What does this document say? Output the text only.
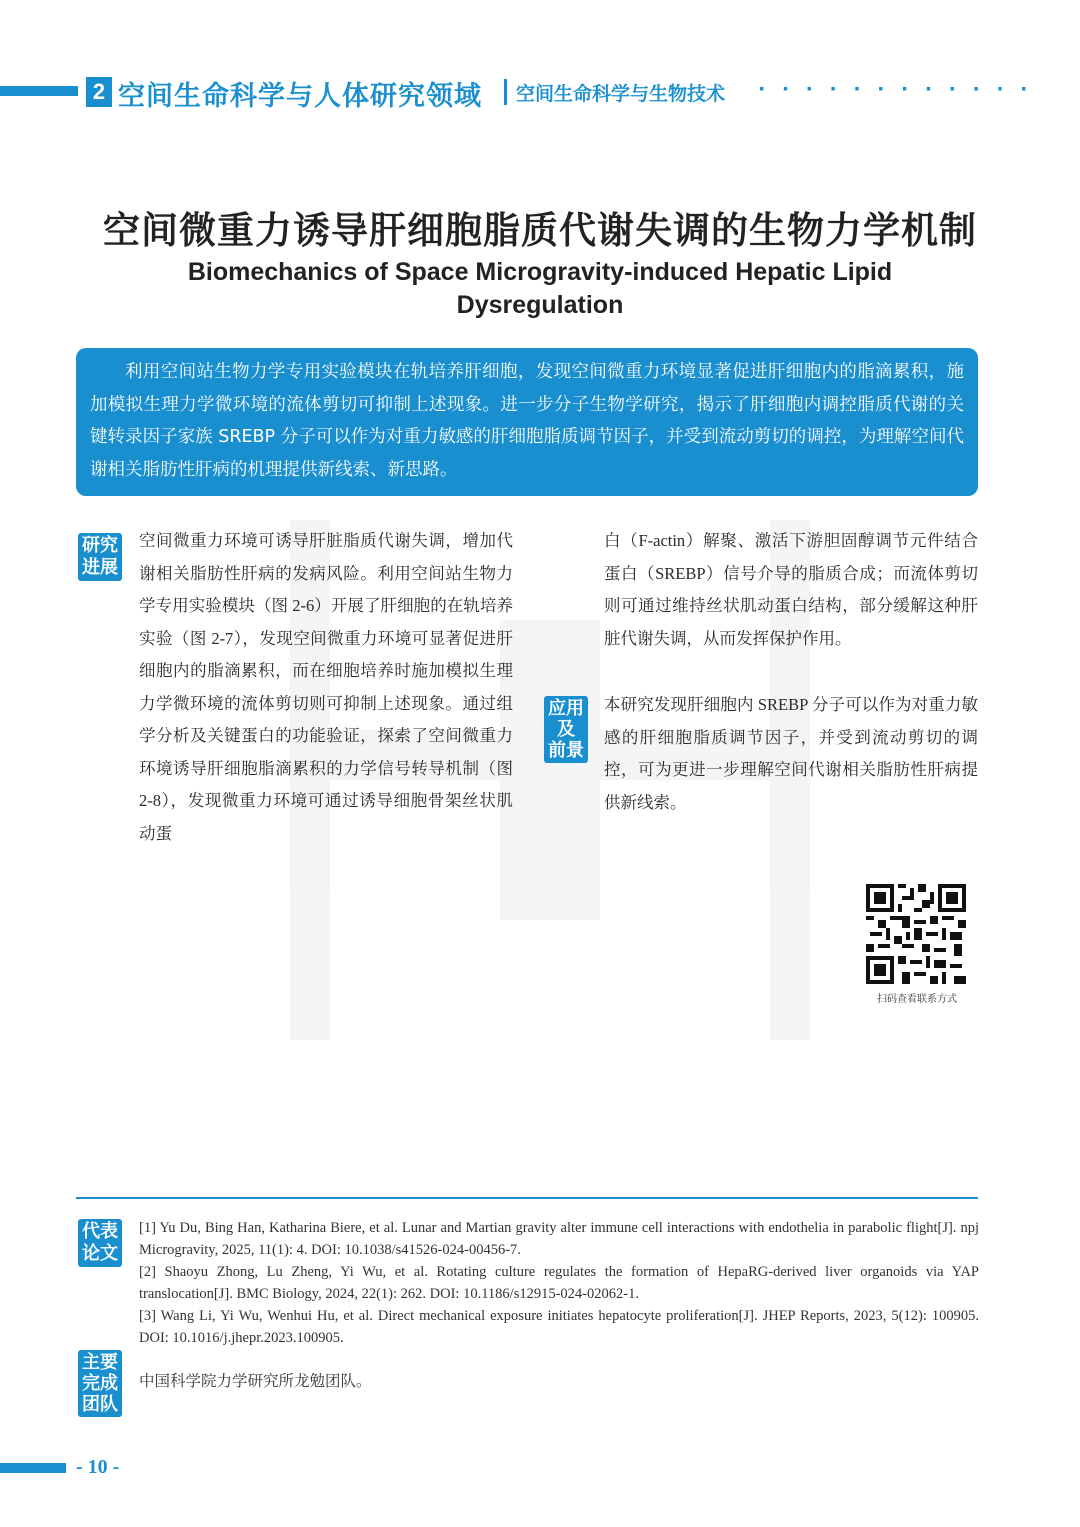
2 空间生命科学与人体研究领域 空间生命科学与生物技术 · · · · · · · · · · · ·
空间微重力诱导肝细胞脂质代谢失调的生物力学机制
Biomechanics of Space Microgravity-induced Hepatic Lipid Dysregulation

利用空间站生物力学专用实验模块在轨培养肝细胞，发现空间微重力环境显著促进肝细胞内的脂滴累积，施加模拟生理力学微环境的流体剪切可抑制上述现象。进一步分子生物学研究，揭示了肝细胞内调控脂质代谢的关键转录因子家族 SREBP 分子可以作为对重力敏感的肝细胞脂质调节因子，并受到流动剪切的调控，为理解空间代谢相关脂肪性肝病的机理提供新线索、新思路。

研究
进展

空间微重力环境可诱导肝脏脂质代谢失调，增加代谢相关脂肪性肝病的发病风险。利用空间站生物力学专用实验模块（图 2-6）开展了肝细胞的在轨培养实验（图 2-7），发现空间微重力环境可显著促进肝细胞内的脂滴累积，而在细胞培养时施加模拟生理力学微环境的流体剪切则可抑制上述现象。通过组学分析及关键蛋白的功能验证，探索了空间微重力环境诱导肝细胞脂滴累积的力学信号转导机制（图 2-8），发现微重力环境可通过诱导细胞骨架丝状肌动蛋

白（F-actin）解聚、激活下游胆固醇调节元件结合蛋白（SREBP）信号介导的脂质合成；而流体剪切则可通过维持丝状肌动蛋白结构，部分缓解这种肝脏代谢失调，从而发挥保护作用。

应用
及
前景

本研究发现肝细胞内 SREBP 分子可以作为对重力敏感的肝细胞脂质调节因子，并受到流动剪切的调控，可为更进一步理解空间代谢相关脂肪性肝病提供新线索。

扫码查看联系方式
代表
论文

[1] Yu Du, Bing Han, Katharina Biere, et al. Lunar and Martian gravity alter immune cell interactions with endothelia in parabolic flight[J]. npj Microgravity, 2025, 11(1): 4. DOI: 10.1038/s41526-024-00456-7.

[2] Shaoyu Zhong, Lu Zheng, Yi Wu, et al. Rotating culture regulates the formation of HepaRG-derived liver organoids via YAP translocation[J]. BMC Biology, 2024, 22(1): 262. DOI: 10.1186/s12915-024-02062-1.

[3] Wang Li, Yi Wu, Wenhui Hu, et al. Direct mechanical exposure initiates hepatocyte proliferation[J]. JHEP Reports, 2023, 5(12): 100905. DOI: 10.1016/j.jhepr.2023.100905.

主要
完成
团队

中国科学院力学研究所龙勉团队。

- 10 -
